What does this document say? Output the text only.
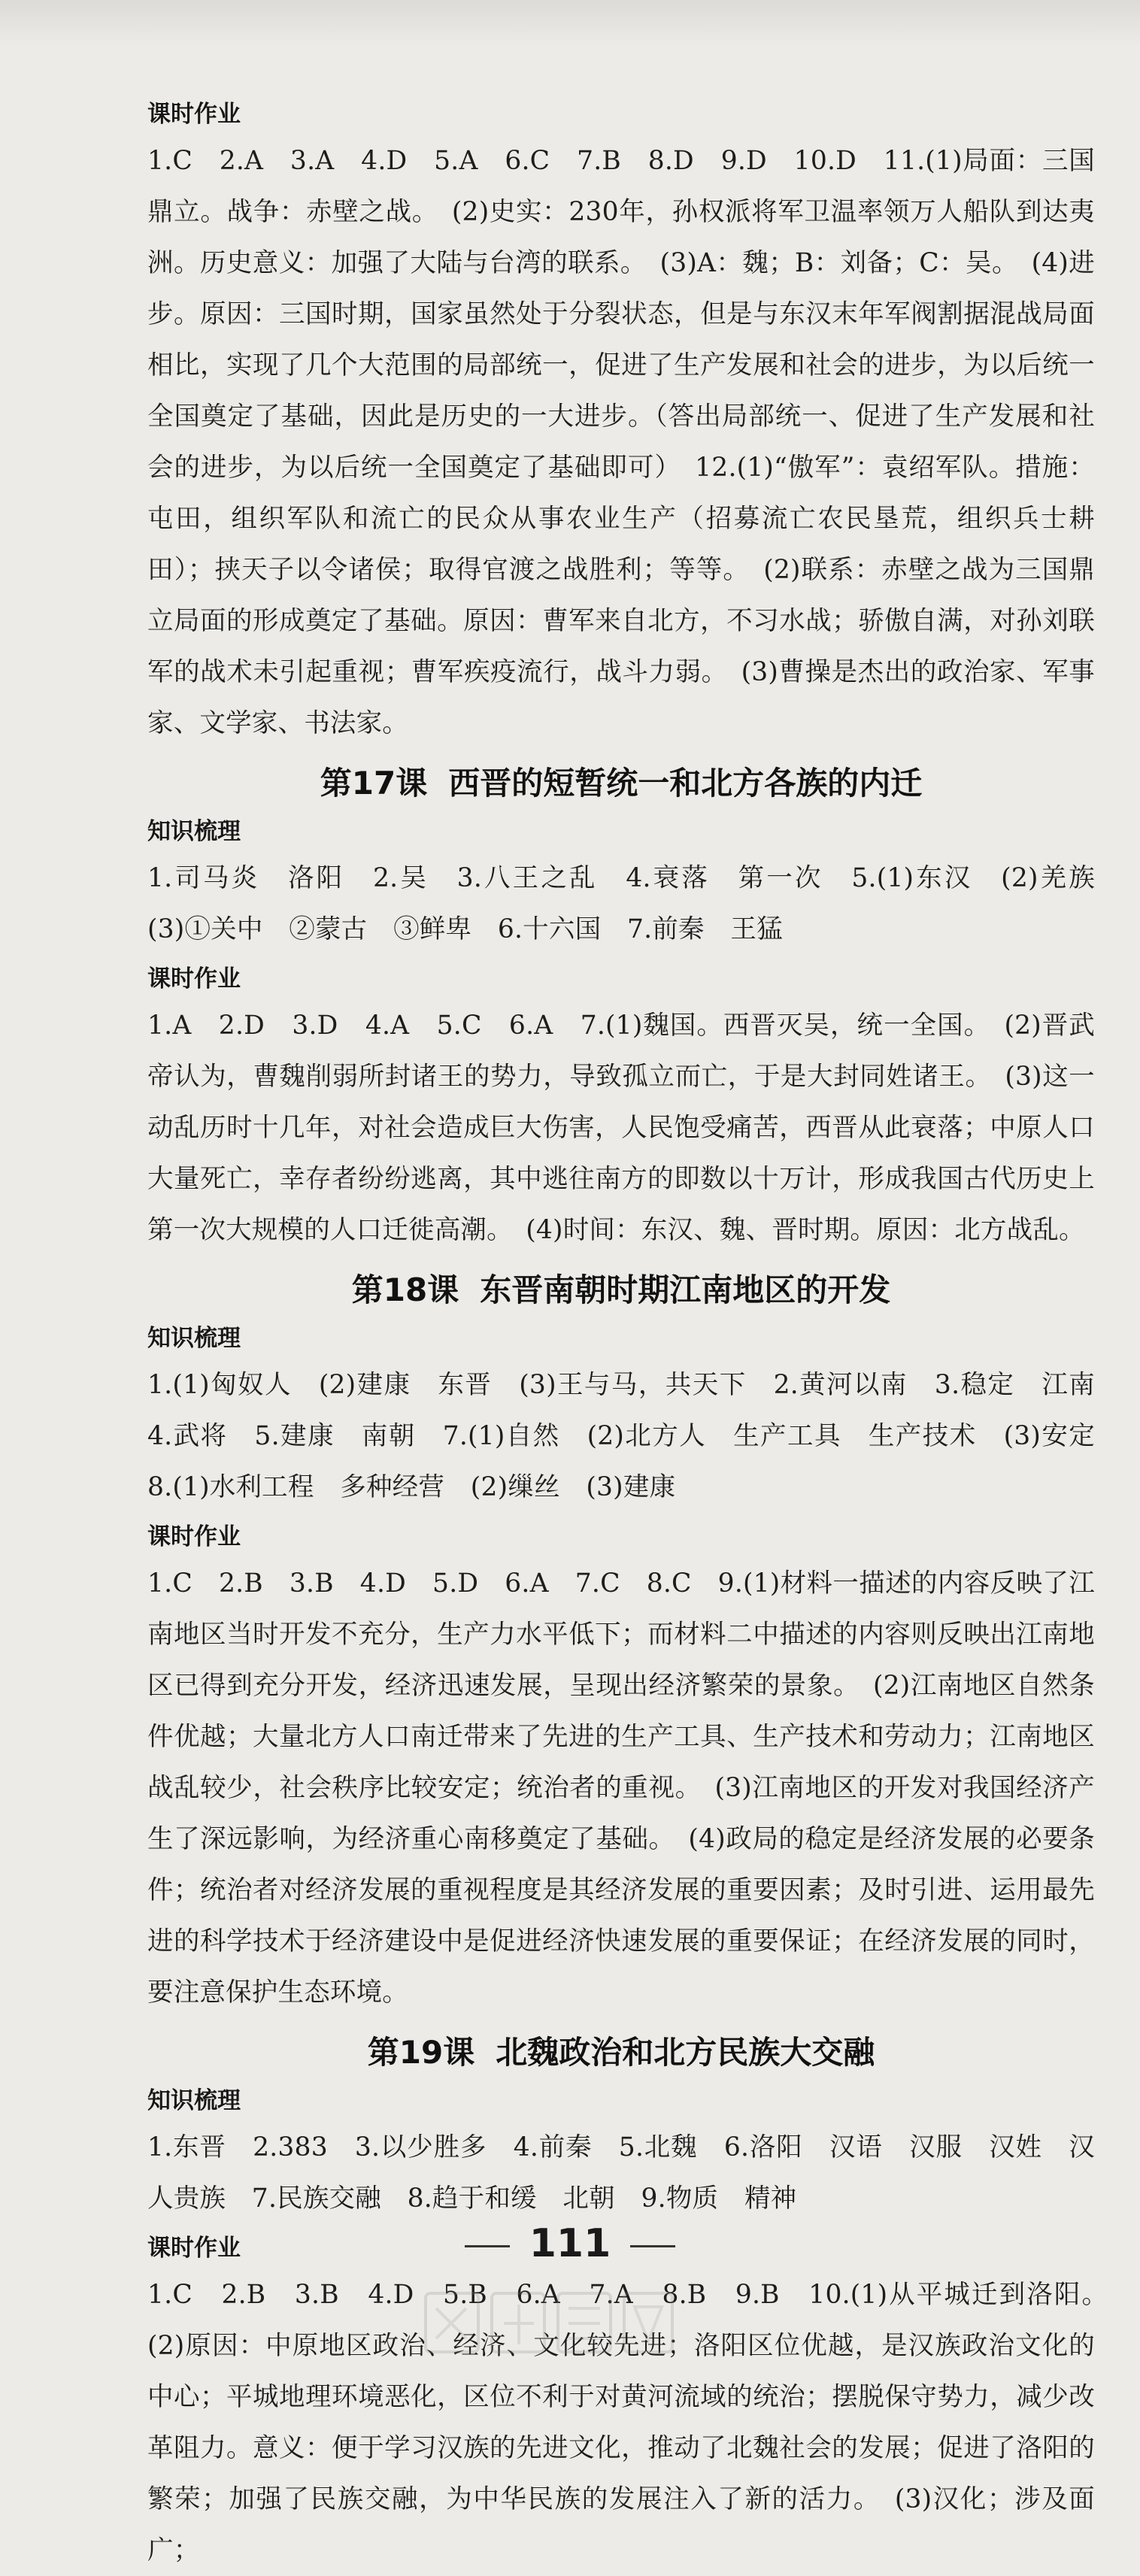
课时作业

1.C　2.A　3.A　4.D　5.A　6.C　7.B　8.D　9.D　10.D　11.(1)局面：三国鼎立。战争：赤壁之战。　(2)史实：230年，孙权派将军卫温率领万人船队到达夷洲。历史意义：加强了大陆与台湾的联系。　(3)A：魏；B：刘备；C：吴。　(4)进步。原因：三国时期，国家虽然处于分裂状态，但是与东汉末年军阀割据混战局面相比，实现了几个大范围的局部统一，促进了生产发展和社会的进步，为以后统一全国奠定了基础，因此是历史的一大进步。（答出局部统一、促进了生产发展和社会的进步，为以后统一全国奠定了基础即可）　12.(1)“傲军”：袁绍军队。措施：屯田，组织军队和流亡的民众从事农业生产（招募流亡农民垦荒，组织兵士耕田）；挟天子以令诸侯；取得官渡之战胜利；等等。　(2)联系：赤壁之战为三国鼎立局面的形成奠定了基础。原因：曹军来自北方，不习水战；骄傲自满，对孙刘联军的战术未引起重视；曹军疾疫流行，战斗力弱。　(3)曹操是杰出的政治家、军事家、文学家、书法家。

第17课 西晋的短暂统一和北方各族的内迁
知识梳理

1.司马炎　洛阳　2.吴　3.八王之乱　4.衰落　第一次　5.(1)东汉　(2)羌族　(3)①关中　②蒙古　③鲜卑　6.十六国　7.前秦　王猛

课时作业

1.A　2.D　3.D　4.A　5.C　6.A　7.(1)魏国。西晋灭吴，统一全国。　(2)晋武帝认为，曹魏削弱所封诸王的势力，导致孤立而亡，于是大封同姓诸王。　(3)这一动乱历时十几年，对社会造成巨大伤害，人民饱受痛苦，西晋从此衰落；中原人口大量死亡，幸存者纷纷逃离，其中逃往南方的即数以十万计，形成我国古代历史上第一次大规模的人口迁徙高潮。　(4)时间：东汉、魏、晋时期。原因：北方战乱。

第18课 东晋南朝时期江南地区的开发
知识梳理

1.(1)匈奴人　(2)建康　东晋　(3)王与马，共天下　2.黄河以南　3.稳定　江南　4.武将　5.建康　南朝　7.(1)自然　(2)北方人　生产工具　生产技术　(3)安定　8.(1)水利工程　多种经营　(2)缫丝　(3)建康

课时作业

1.C　2.B　3.B　4.D　5.D　6.A　7.C　8.C　9.(1)材料一描述的内容反映了江南地区当时开发不充分，生产力水平低下；而材料二中描述的内容则反映出江南地区已得到充分开发，经济迅速发展，呈现出经济繁荣的景象。　(2)江南地区自然条件优越；大量北方人口南迁带来了先进的生产工具、生产技术和劳动力；江南地区战乱较少，社会秩序比较安定；统治者的重视。　(3)江南地区的开发对我国经济产生了深远影响，为经济重心南移奠定了基础。　(4)政局的稳定是经济发展的必要条件；统治者对经济发展的重视程度是其经济发展的重要因素；及时引进、运用最先进的科学技术于经济建设中是促进经济快速发展的重要保证；在经济发展的同时，要注意保护生态环境。

第19课 北魏政治和北方民族大交融
知识梳理

1.东晋　2.383　3.以少胜多　4.前秦　5.北魏　6.洛阳　汉语　汉服　汉姓　汉人贵族　7.民族交融　8.趋于和缓　北朝　9.物质　精神

课时作业

1.C　2.B　3.B　4.D　5.B　6.A　7.A　8.B　9.B　10.(1)从平城迁到洛阳。　(2)原因：中原地区政治、经济、文化较先进；洛阳区位优越，是汉族政治文化的中心；平城地理环境恶化，区位不利于对黄河流域的统治；摆脱保守势力，减少改革阻力。意义：便于学习汉族的先进文化，推动了北魏社会的发展；促进了洛阳的繁荣；加强了民族交融，为中华民族的发展注入了新的活力。　(3)汉化；涉及面广；

111
